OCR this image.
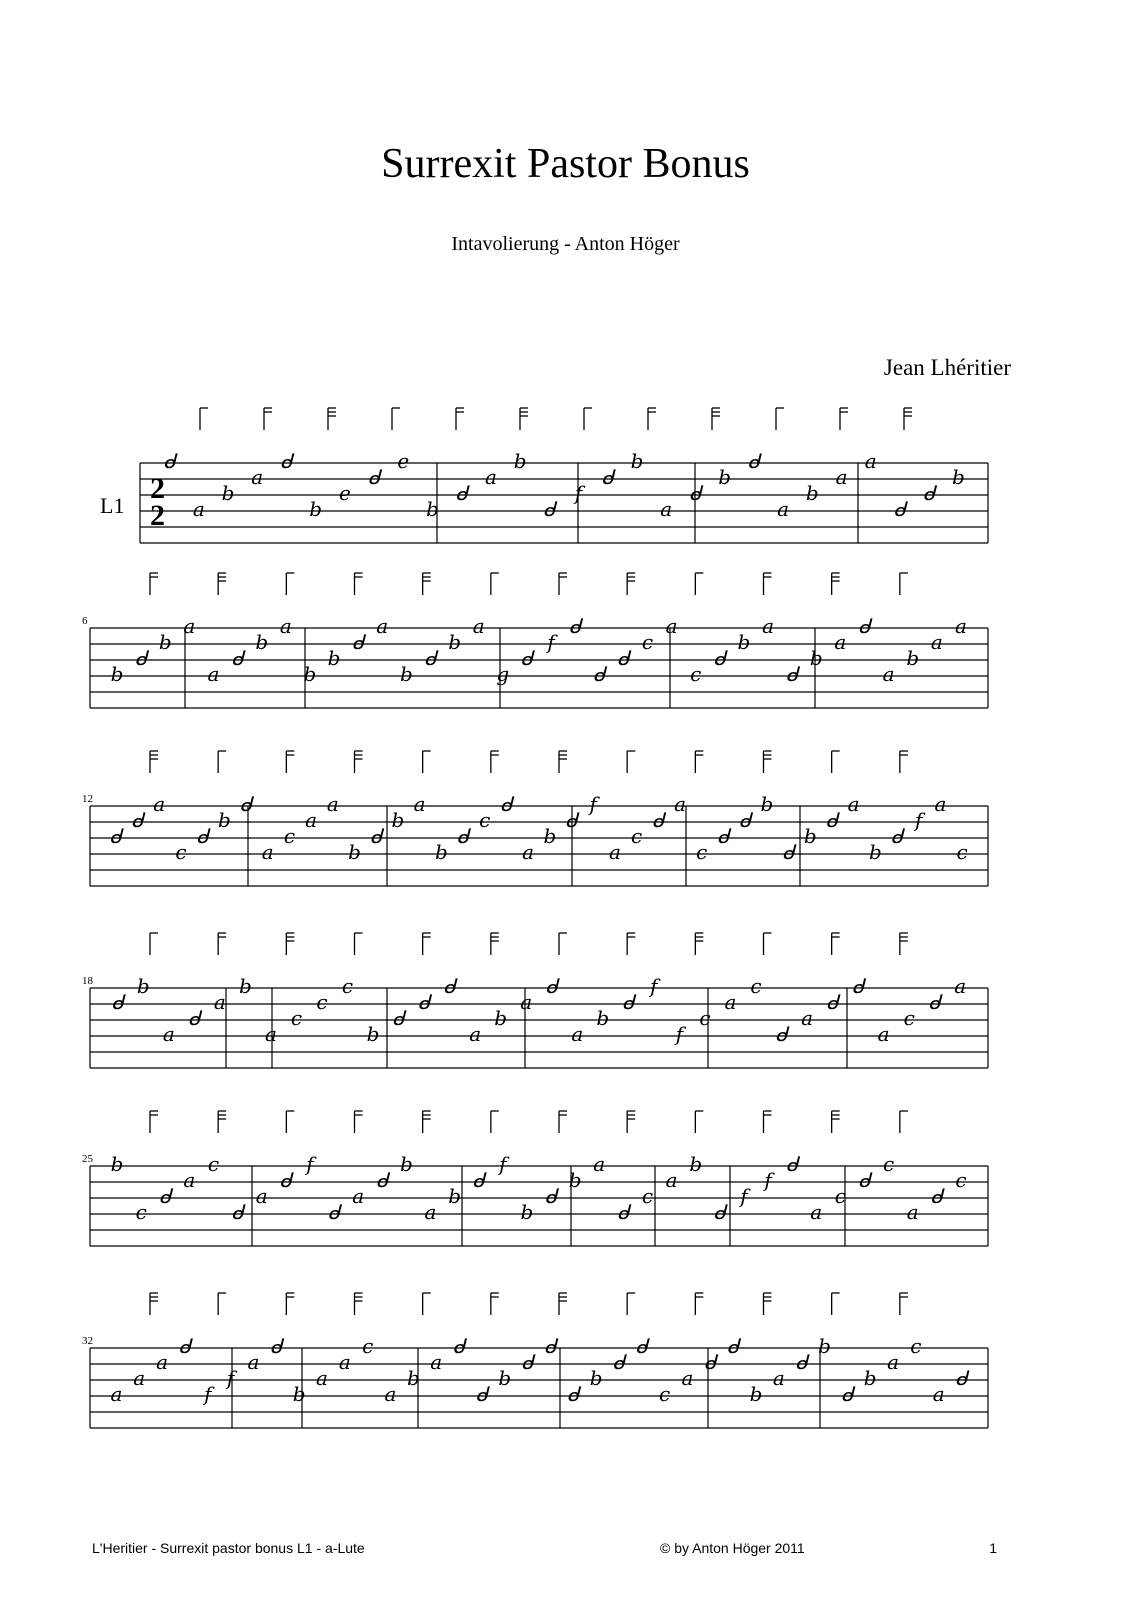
Surrexit Pastor Bonus
Intavolierung - Anton Höger
Jean Lhéritier
ᑯ
a
b
a
ᑯ
b
e
ᑯ
e
b
ᑯ
a
b
ᑯ
f
ᑯ
b
a
ᑯ
b
ᑯ
a
b
a
a
ᑯ
ᑯ
b
6
b
ᑯ
b
a
a
ᑯ
b
a
b
b
ᑯ
a
b
ᑯ
b
a
g
ᑯ
f
ᑯ
ᑯ
ᑯ
c
a
c
ᑯ
b
a
ᑯ
b
a
ᑯ
a
b
a
a
12
ᑯ
ᑯ
a
c
ᑯ
b
ᑯ
a
c
a
a
b
ᑯ
b
a
b
ᑯ
c
ᑯ
a
b
ᑯ
f
a
c
ᑯ
a
c
ᑯ
ᑯ
b
ᑯ
b
ᑯ
a
b
ᑯ
f
a
c
18
ᑯ
b
a
ᑯ
a
b
a
c
c
c
b
ᑯ
ᑯ
ᑯ
a
b
a
ᑯ
a
b
ᑯ
f
f
c
a
c
ᑯ
a
ᑯ
ᑯ
a
c
ᑯ
a
25 b
c
ᑯ
a
c
ᑯ
a
ᑯ
f
ᑯ
a
ᑯ
b
a
b
ᑯ
f
b
ᑯ
b
a
ᑯ
c
a
b
ᑯ
f
f
ᑯ
a
c
ᑯ
c
a
ᑯ
c
32
a
a
a
ᑯ
f
f
a
ᑯ
b
a
a
c
a
b
a
ᑯ
ᑯ
b
ᑯ
ᑯ
ᑯ
b
ᑯ
ᑯ
c
a
ᑯ
ᑯ
b
a
ᑯ
b
ᑯ
b
a
c
a
ᑯ
L1
2
2
L'Heritier - Surrexit pastor bonus L1 - a-Lute	© by Anton Höger 2011	1
